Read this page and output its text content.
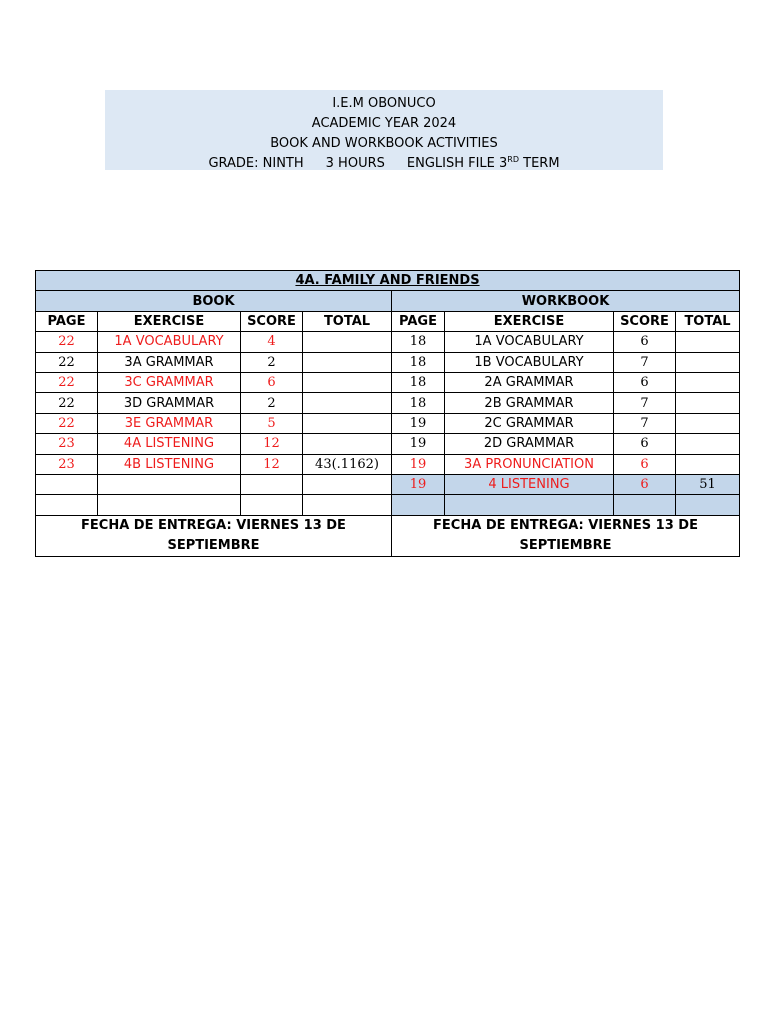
I.E.M OBONUCO
ACADEMIC YEAR 2024
BOOK AND WORKBOOK ACTIVITIES
GRADE: NINTH 3 HOURS ENGLISH FILE 3RD TERM
4A. FAMILY AND FRIENDS							
BOOK				WORKBOOK			
PAGE	EXERCISE	SCORE	TOTAL	PAGE	EXERCISE	SCORE	TOTAL
22	1A VOCABULARY	4		18	1A VOCABULARY	6	
22	3A GRAMMAR	2		18	1B VOCABULARY	7	
22	3C GRAMMAR	6		18	2A GRAMMAR	6	
22	3D GRAMMAR	2		18	2B GRAMMAR	7	
22	3E GRAMMAR	5		19	2C GRAMMAR	7	
23	4A LISTENING	12		19	2D GRAMMAR	6	
23	4B LISTENING	12	43(.1162)	19	3A PRONUNCIATION	6	
				19	4 LISTENING	6	51

FECHA DE ENTREGA: VIERNES 13 DE SEPTIEMBRE				FECHA DE ENTREGA: VIERNES 13 DE SEPTIEMBRE			
